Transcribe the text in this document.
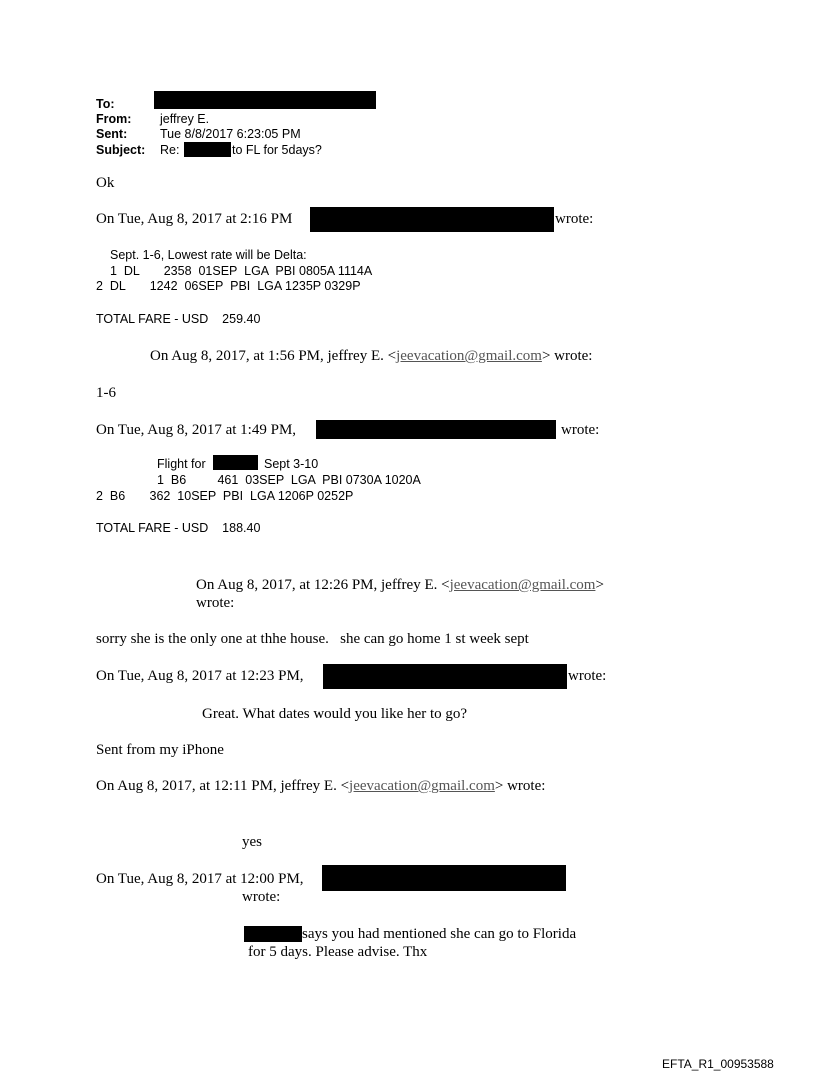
To:
From: jeffrey E.
Sent:	Tue 8/8/2017 6:23:05 PM
Subject: Re:	to FL for 5days?
Ok
On Tue, Aug 8, 2017 at 2:16 PM	wrote:
Sept. 1-6, Lowest rate will be Delta:
1  DL       2358  01SEP  LGA  PBI 0805A 1114A
2  DL       1242  06SEP  PBI  LGA 1235P 0329P
TOTAL FARE - USD    259.40
On Aug 8, 2017, at 1:56 PM, jeffrey E. <jeevacation@gmail.com> wrote:
1-6
On Tue, Aug 8, 2017 at 1:49 PM,	wrote:
Flight for	Sept 3-10
1  B6         461  03SEP  LGA  PBI 0730A 1020A
2  B6       362  10SEP  PBI  LGA 1206P 0252P
TOTAL FARE - USD    188.40
On Aug 8, 2017, at 12:26 PM, jeffrey E. <jeevacation@gmail.com>
wrote:
sorry she is the only one at thhe house.   she can go home 1 st week sept
On Tue, Aug 8, 2017 at 12:23 PM,	wrote:
Great. What dates would you like her to go?
Sent from my iPhone
On Aug 8, 2017, at 12:11 PM, jeffrey E. <jeevacation@gmail.com> wrote:
yes
On Tue, Aug 8, 2017 at 12:00 PM,
wrote:
says you had mentioned she can go to Florida
for 5 days. Please advise. Thx
EFTA_R1_00953588
